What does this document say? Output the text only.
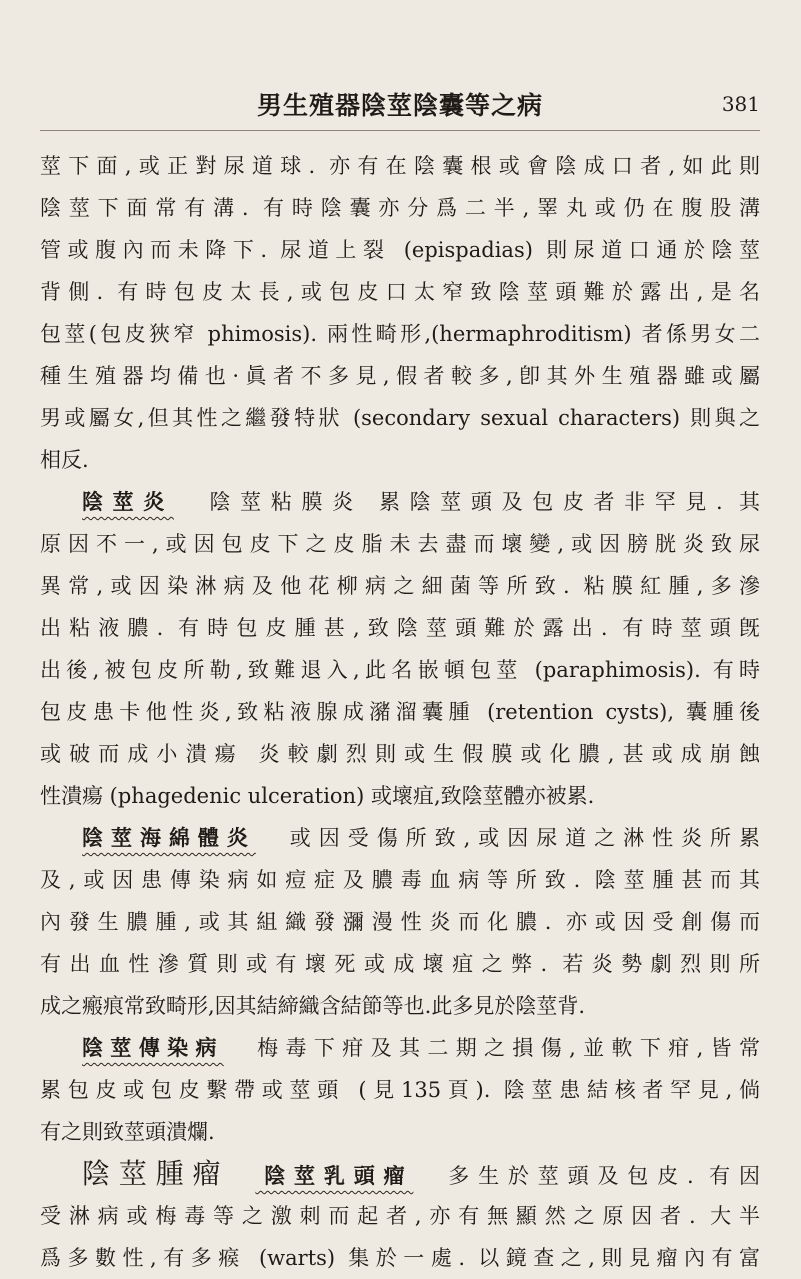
男生殖器陰莖陰囊等之病	381
莖下面,或正對尿道球. 亦有在陰囊根或會陰成口者,如此則
陰莖下面常有溝. 有時陰囊亦分爲二半,睪丸或仍在腹股溝
管或腹內而未降下. 尿道上裂 (epispadias) 則尿道口通於陰莖
背側. 有時包皮太長,或包皮口太窄致陰莖頭難於露出,是名
包莖(包皮狹窄 phimosis). 兩性畸形,(hermaphroditism) 者係男女二
種生殖器均備也·眞者不多見,假者較多,卽其外生殖器雖或屬
男或屬女,但其性之繼發特狀 (secondary sexual characters) 則與之
相反.
陰莖炎 陰莖粘膜炎 累陰莖頭及包皮者非罕見. 其
原因不一,或因包皮下之皮脂未去盡而壞變,或因膀胱炎致尿
異常,或因染淋病及他花柳病之細菌等所致. 粘膜紅腫,多滲
出粘液膿. 有時包皮腫甚,致陰莖頭難於露出. 有時莖頭旣
出後,被包皮所勒,致難退入,此名嵌頓包莖 (paraphimosis). 有時
包皮患卡他性炎,致粘液腺成瀦溜囊腫 (retention cysts), 囊腫後
或破而成小潰瘍 炎較劇烈則或生假膜或化膿,甚或成崩蝕
性潰瘍 (phagedenic ulceration) 或壞疽,致陰莖體亦被累.
陰莖海綿體炎 或因受傷所致,或因尿道之淋性炎所累
及,或因患傳染病如痘症及膿毒血病等所致. 陰莖腫甚而其
內發生膿腫,或其組織發瀰漫性炎而化膿. 亦或因受創傷而
有出血性滲質則或有壞死或成壞疽之弊. 若炎勢劇烈則所
成之瘢痕常致畸形,因其結締織含結節等也.此多見於陰莖背.
陰莖傳染病 梅毒下疳及其二期之損傷,並軟下疳,皆常
累包皮或包皮繫帶或莖頭 (見135頁). 陰莖患結核者罕見,倘
有之則致莖頭潰爛.
陰莖腫瘤 陰莖乳頭瘤 多生於莖頭及包皮. 有因
受淋病或梅毒等之激刺而起者,亦有無顯然之原因者. 大半
爲多數性,有多瘊 (warts) 集於一處. 以鏡查之,則見瘤內有富
